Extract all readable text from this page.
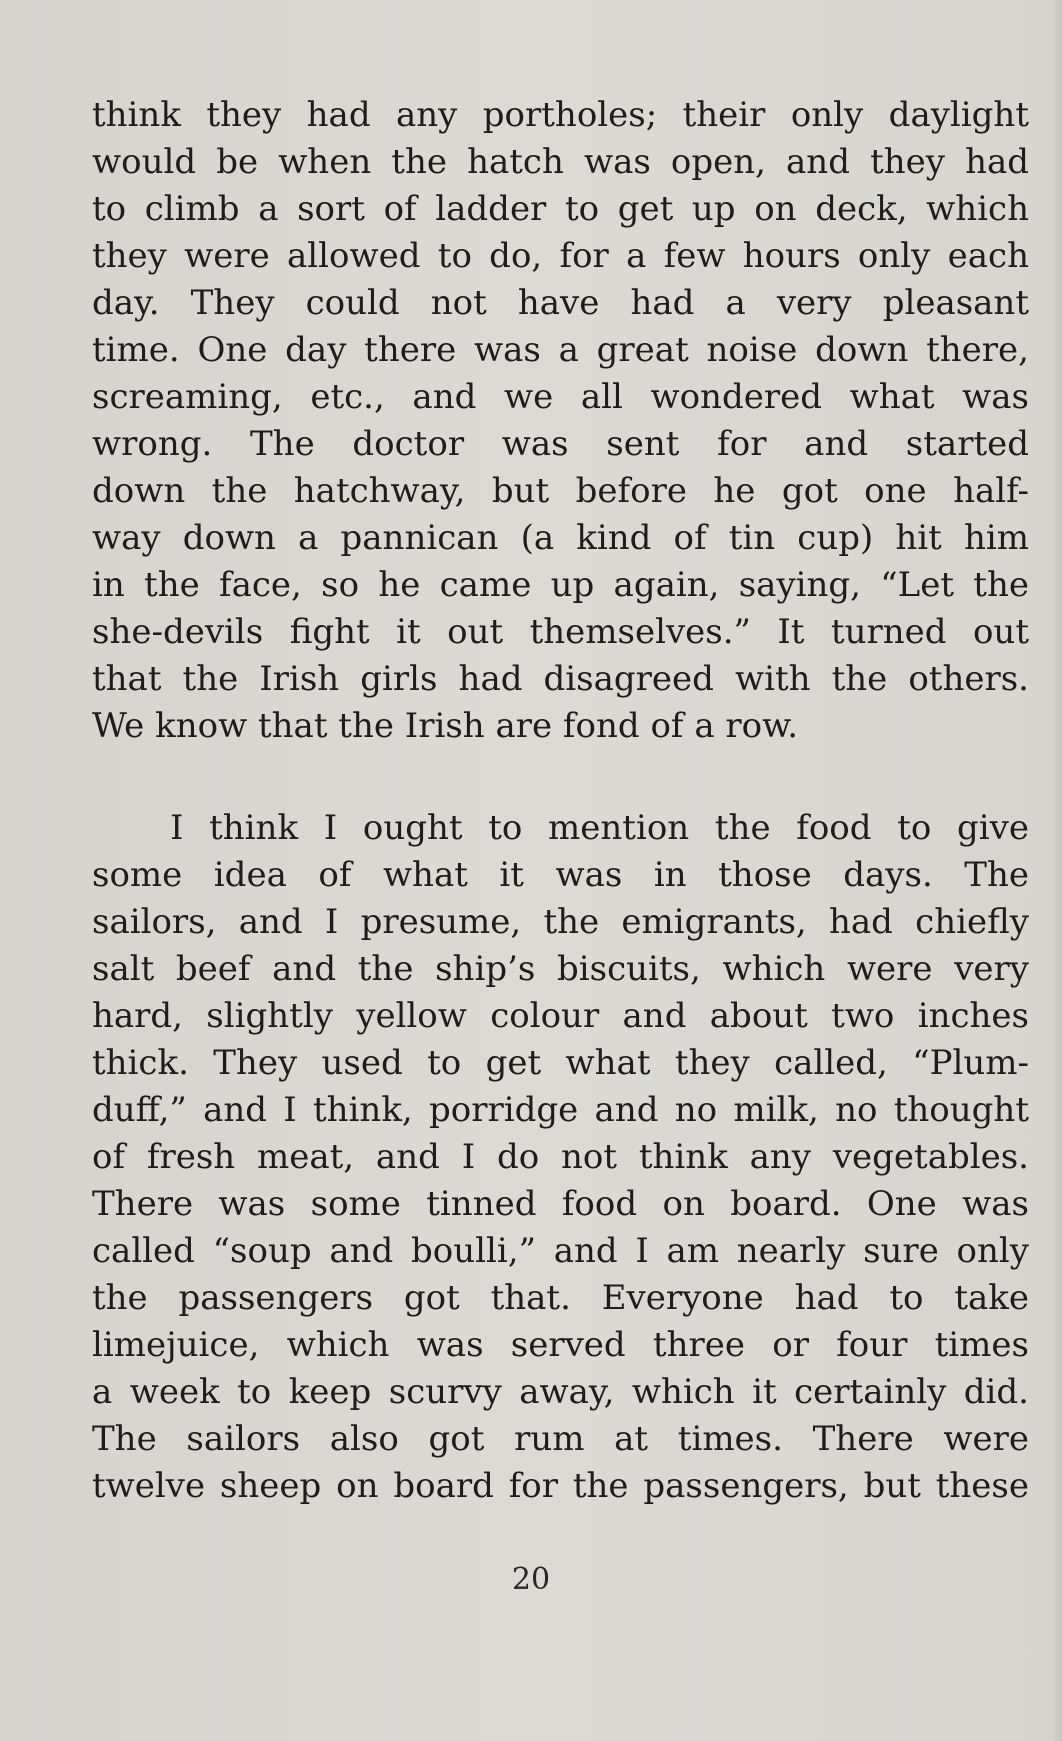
think they had any portholes; their only daylight
would be when the hatch was open, and they had
to climb a sort of ladder to get up on deck, which
they were allowed to do, for a few hours only each
day. They could not have had a very pleasant
time. One day there was a great noise down there,
screaming, etc., and we all wondered what was
wrong. The doctor was sent for and started
down the hatchway, but before he got one half-
way down a pannican (a kind of tin cup) hit him
in the face, so he came up again, saying, “Let the
she-devils fight it out themselves.” It turned out
that the Irish girls had disagreed with the others.
We know that the Irish are fond of a row.
I think I ought to mention the food to give
some idea of what it was in those days. The
sailors, and I presume, the emigrants, had chiefly
salt beef and the ship’s biscuits, which were very
hard, slightly yellow colour and about two inches
thick. They used to get what they called, “Plum-
duff,” and I think, porridge and no milk, no thought
of fresh meat, and I do not think any vegetables.
There was some tinned food on board. One was
called “soup and boulli,” and I am nearly sure only
the passengers got that. Everyone had to take
limejuice, which was served three or four times
a week to keep scurvy away, which it certainly did.
The sailors also got rum at times. There were
twelve sheep on board for the passengers, but these
20
